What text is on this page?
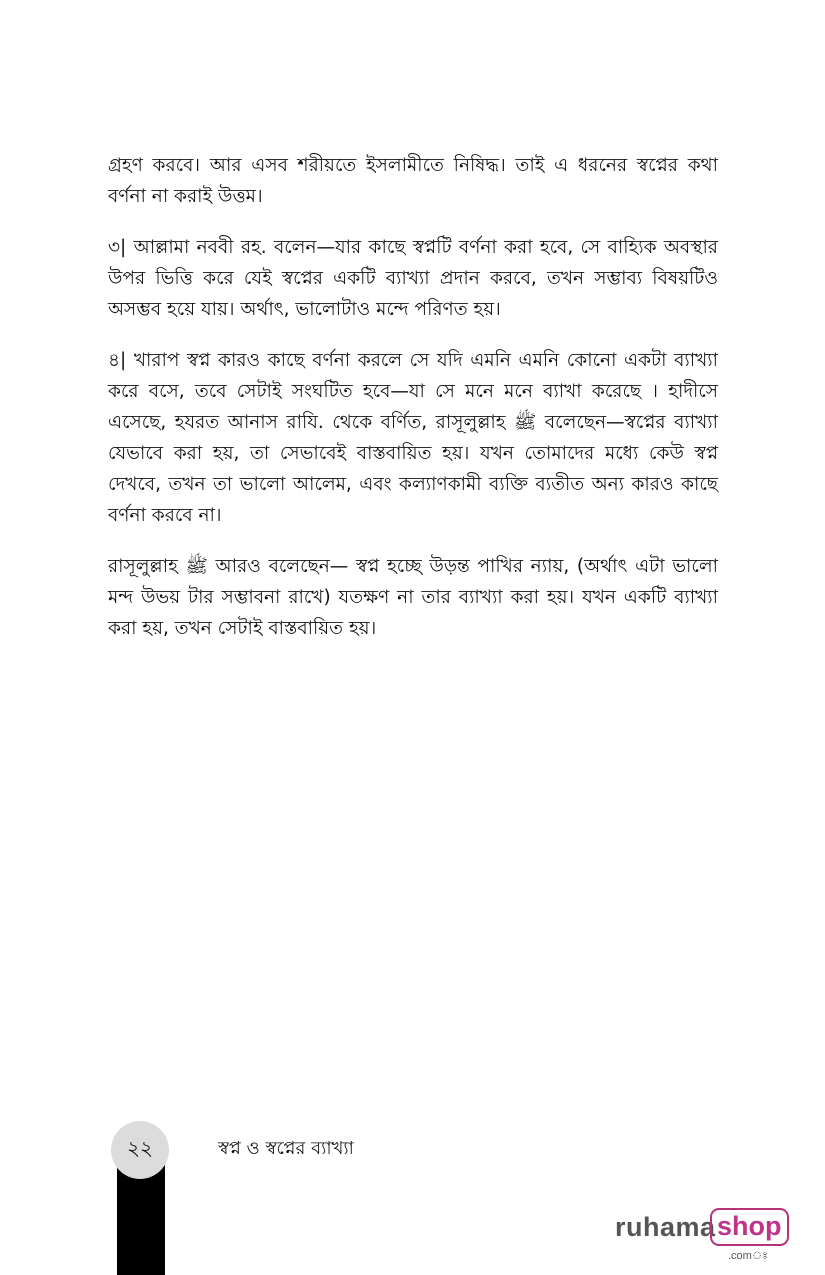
গ্রহণ করবে। আর এসব শরীয়তে ইসলামীতে নিষিদ্ধ। তাই এ ধরনের স্বপ্নের কথা বর্ণনা না করাই উত্তম।

৩| আল্লামা নববী রহ. বলেন—যার কাছে স্বপ্নটি বর্ণনা করা হবে, সে বাহ্যিক অবস্থার উপর ভিত্তি করে যেই স্বপ্নের একটি ব্যাখ্যা প্রদান করবে, তখন সম্ভাব্য বিষয়টিও অসম্ভব হয়ে যায়। অর্থাৎ, ভালোটাও মন্দে পরিণত হয়।

৪| খারাপ স্বপ্ন কারও কাছে বর্ণনা করলে সে যদি এমনি এমনি কোনো একটা ব্যাখ্যা করে বসে, তবে সেটাই সংঘটিত হবে—যা সে মনে মনে ব্যাখা করেছে । হাদীসে এসেছে, হযরত আনাস রাযি. থেকে বর্ণিত, রাসূলুল্লাহ ﷺ বলেছেন—স্বপ্নের ব্যাখ্যা যেভাবে করা হয়, তা সেভাবেই বাস্তবায়িত হয়। যখন তোমাদের মধ্যে কেউ স্বপ্ন দেখবে, তখন তা ভালো আলেম, এবং কল্যাণকামী ব্যক্তি ব্যতীত অন্য কারও কাছে বর্ণনা করবে না।

রাসূলুল্লাহ ﷺ আরও বলেছেন— স্বপ্ন হচ্ছে উড়ন্ত পাখির ন্যায়, (অর্থাৎ এটা ভালো মন্দ উভয় টার সম্ভাবনা রাখে) যতক্ষণ না তার ব্যাখ্যা করা হয়। যখন একটি ব্যাখ্যা করা হয়, তখন সেটাই বাস্তবায়িত হয়।

২২	স্বপ্ন ও স্বপ্নের ব্যাখ্যা
ruhama shop
.comঃ
